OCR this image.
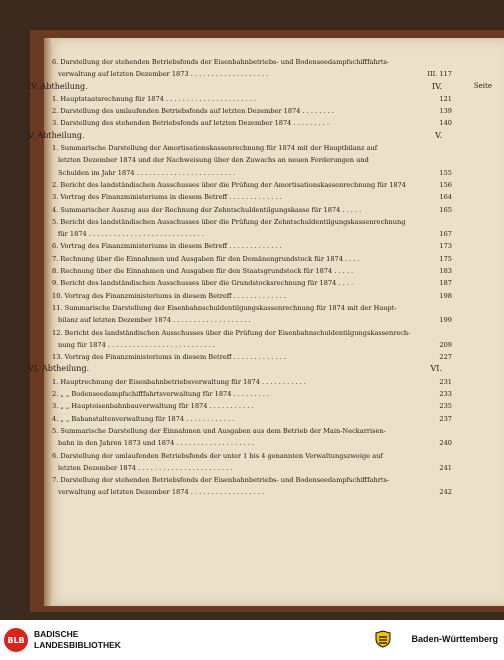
Seite
6. Darstellung der stehenden Betriebsfonds der Eisenbahnbetriebs- und Bodenseedampfschifffahrts-
verwaltung auf letzten Dezember 1873 . . . . . . . . . . . . . . . . . . .	III. 117
IV. Abtheilung.	IV.
1. Hauptstaatsrechnung für 1874 . . . . . . . . . . . . . . . . . . . . . .	121
2. Darstellung des umlaufenden Betriebsfonds auf letzten Dezember 1874 . . . . . . . .	139
3. Darstellung des stehenden Betriebsfonds auf letzten Dezember 1874 . . . . . . . . .	140
V. Abtheilung.	V.
1. Summarische Darstellung der Amortisationskassenrechnung für 1874 mit der Hauptbilanz auf
letzten Dezember 1874 und der Nachweisung über den Zuwachs an neuen Forderungen und
Schulden im Jahr 1874 . . . . . . . . . . . . . . . . . . . . . . . .	155
2. Bericht des landständischen Ausschusses über die Prüfung der Amortisationskassenrechnung für 1874	156
3. Vortrag des Finanzministeriums in diesem Betreff . . . . . . . . . . . . .	164
4. Summarischer Auszug aus der Rechnung der Zehntschuldentilgungskasse für 1874 . . . . .	165
5. Bericht des landständischen Ausschusses über die Prüfung der Zehntschuldentilgungskassenrechnung
für 1874 . . . . . . . . . . . . . . . . . . . . . . . . . . . .	167
6. Vortrag des Finanzministeriums in diesem Betreff . . . . . . . . . . . . .	173
7. Rechnung über die Einnahmen und Ausgaben für den Domänengrundstock für 1874 . . . .	175
8. Rechnung über die Einnahmen und Ausgaben für den Staatsgrundstock für 1874 . . . . .	183
9. Bericht des landständischen Ausschusses über die Grundstocksrechnung für 1874 . . . .	187
10. Vortrag des Finanzministeriums in diesem Betreff . . . . . . . . . . . . .	198
11. Summarische Darstellung der Eisenbahnschuldentilgungskassenrechnung für 1874 mit der Haupt-
bilanz auf letzten Dezember 1874 . . . . . . . . . . . . . . . . . . .	199
12. Bericht des landständischen Ausschusses über die Prüfung der Eisenbahnschuldentilgungskassenrech-
nung für 1874 . . . . . . . . . . . . . . . . . . . . . . . . . .	209
13. Vortrag des Finanzministeriums in diesem Betreff . . . . . . . . . . . . .	227
VI. Abtheilung.	VI.
1. Hauptrechnung der Eisenbahnbetriebsverwaltung für 1874 . . . . . . . . . . .	231
2. „ „ Bodenseedampfschifffahrtsverwaltung für 1874 . . . . . . . . .	233
3. „ „ Haupteisenbahnbauverwaltung für 1874 . . . . . . . . . . .	235
4. „ „ Babanstaltenverwaltung für 1874 . . . . . . . . . . . .	237
5. Summarische Darstellung der Einnahmen und Ausgaben aus dem Betrieb der Main-Neckarrisen-
bahn in den Jahren 1873 und 1874 . . . . . . . . . . . . . . . . . . .	240
6. Darstellung der umlaufenden Betriebsfonds der unter 1 bis 4 genannten Verwaltungszweige auf
letzten Dezember 1874 . . . . . . . . . . . . . . . . . . . . . . .	241
7. Darstellung der stehenden Betriebsfonds der Eisenbahnbetriebs- und Bodenseedampfschifffahrts-
verwaltung auf letzten Dezember 1874 . . . . . . . . . . . . . . . . . .	242
BLB
BADISCHE
LANDESBIBLIOTHEK
Baden-Württemberg
